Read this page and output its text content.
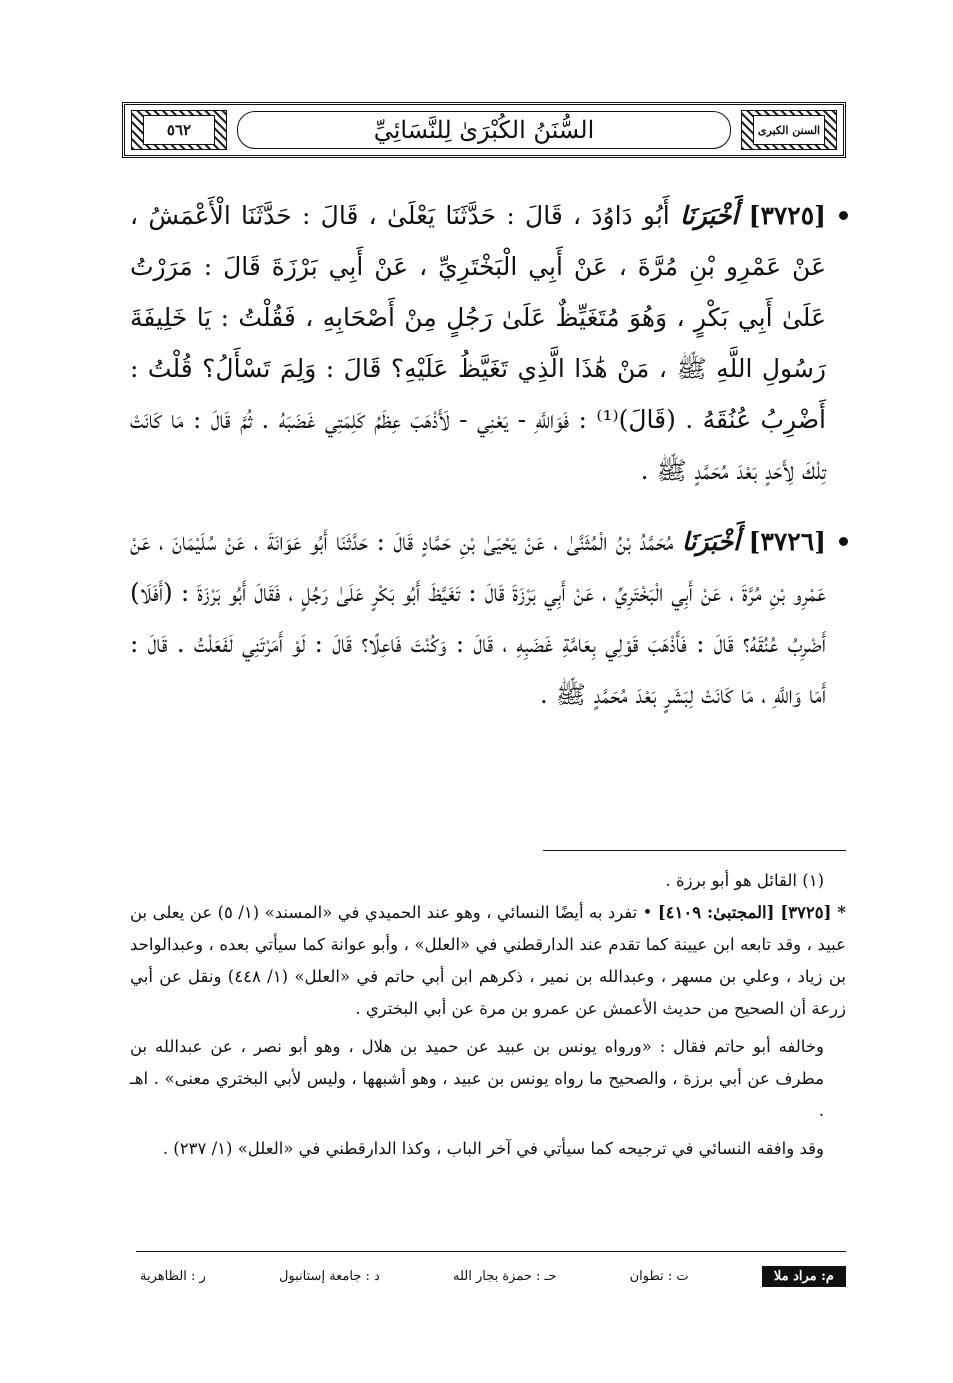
٥٦٢	السُّنَنُ الكُبْرَىٰ لِلنَّسَائِيِّ	السنن الكبرى
[٣٧٢٥] أَخْبَرَنَا أَبُو دَاوُدَ ، قَالَ : حَدَّثَنَا يَعْلَىٰ ، قَالَ : حَدَّثَنَا الْأَعْمَشُ ، عَنْ عَمْرِو بْنِ مُرَّةَ ، عَنْ أَبِي الْبَخْتَرِيِّ ، عَنْ أَبِي بَرْزَةَ قَالَ : مَرَرْتُ عَلَىٰ أَبِي بَكْرٍ ، وَهُوَ مُتَغَيِّظٌ عَلَىٰ رَجُلٍ مِنْ أَصْحَابِهِ ، فَقُلْتُ : يَا خَلِيفَةَ رَسُولِ اللَّهِ ﷺ ، مَنْ هَٰذَا الَّذِي تَغَيَّظُ عَلَيْهِ؟ قَالَ : وَلِمَ تَسْأَلُ؟ قُلْتُ : أَضْرِبُ عُنُقَهُ . (قَالَ)⁽¹⁾ : فَوَاللَّهِ - يَعْنِي - لَأَذْهَبَ عِظَمُ كَلِمَتِي غَضَبَهُ . ثُمَّ قَالَ : مَا كَانَتْ تِلْكَ لِأَحَدٍ بَعْدَ مُحَمَّدٍ ﷺ .
[٣٧٢٦] أَخْبَرَنَا مُحَمَّدُ بْنُ الْمُثَنَّىٰ ، عَنْ يَحْيَىٰ بْنِ حَمَّادٍ قَالَ : حَدَّثَنَا أَبُو عَوَانَةَ ، عَنْ سُلَيْمَانَ ، عَنْ عَمْرِو بْنِ مُرَّةَ ، عَنْ أَبِي الْبَخْتَرِيِّ ، عَنْ أَبِي بَرْزَةَ قَالَ : تَغَيَّظَ أَبُو بَكْرٍ عَلَىٰ رَجُلٍ ، فَقَالَ أَبُو بَرْزَةَ : (أَفَلَا) أَضْرِبُ عُنُقَهُ؟ قَالَ : فَأَذْهَبَ قَوْلِي بِعَامَّةِ غَضَبِهِ ، قَالَ : وَكُنْتَ فَاعِلًا؟ قَالَ : لَوْ أَمَرْتَنِي لَفَعَلْتُ . قَالَ : أَمَا وَاللَّهِ ، مَا كَانَتْ لِبَشَرٍ بَعْدَ مُحَمَّدٍ ﷺ .

(١) القائل هو أبو برزة .

* [٣٧٢٥] [المجتبىٰ: ٤١٠٩] • تفرد به أيضًا النسائي ، وهو عند الحميدي في «المسند» (١/ ٥) عن يعلى بن عبيد ، وقد تابعه ابن عيينة كما تقدم عند الدارقطني في «العلل» ، وأبو عوانة كما سيأتي بعده ، وعبدالواحد بن زياد ، وعلي بن مسهر ، وعبدالله بن نمير ، ذكرهم ابن أبي حاتم في «العلل» (١/ ٤٤٨) ونقل عن أبي زرعة أن الصحيح من حديث الأعمش عن عمرو بن مرة عن أبي البختري .

وخالفه أبو حاتم فقال : «ورواه يونس بن عبيد عن حميد بن هلال ، وهو أبو نصر ، عن عبدالله بن مطرف عن أبي برزة ، والصحيح ما رواه يونس بن عبيد ، وهو أشبهها ، وليس لأبي البختري معنى» . اهـ .

وقد وافقه النسائي في ترجيحه كما سيأتي في آخر الباب ، وكذا الدارقطني في «العلل» (١/ ٢٣٧) .

م: مراد ملا
ت : تطوان
حـ : حمزة بجار الله
د : جامعة إستانبول
ر : الظاهرية
